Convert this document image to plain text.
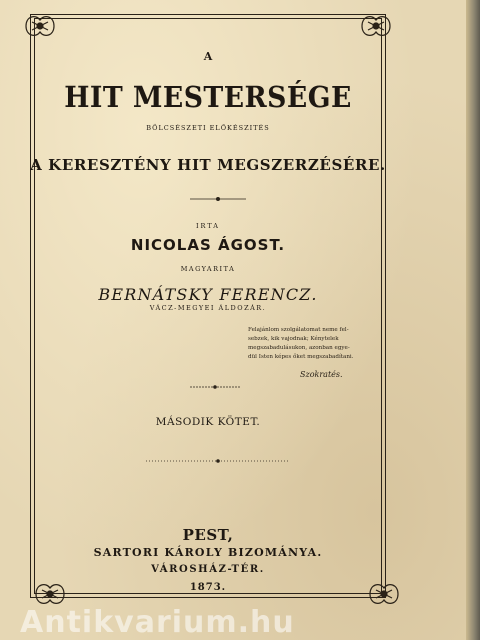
A
HIT MESTERSÉGE
BÖLCSÉSZETI ELŐKÉSZITÉS
A KERESZTÉNY HIT MEGSZERZÉSÉRE.
IRTA
NICOLAS ÁGOST.
MAGYARITA
BERNÁTSKY FERENCZ.
VÁCZ-MEGYEI ÁLDOZÁR.
Felajánlom szolgálatomat neme fel-
sebzek, kik vajodnak; Kénytelek
megszabadulásukon, azonban egye-
dül Isten képes őket megszabadítani.
Szokratés.
MÁSODIK KÖTET.
PEST,
SARTORI KÁROLY BIZOMÁNYA.
VÁROSHÁZ-TÉR.
1873.
Antikvarium.hu
